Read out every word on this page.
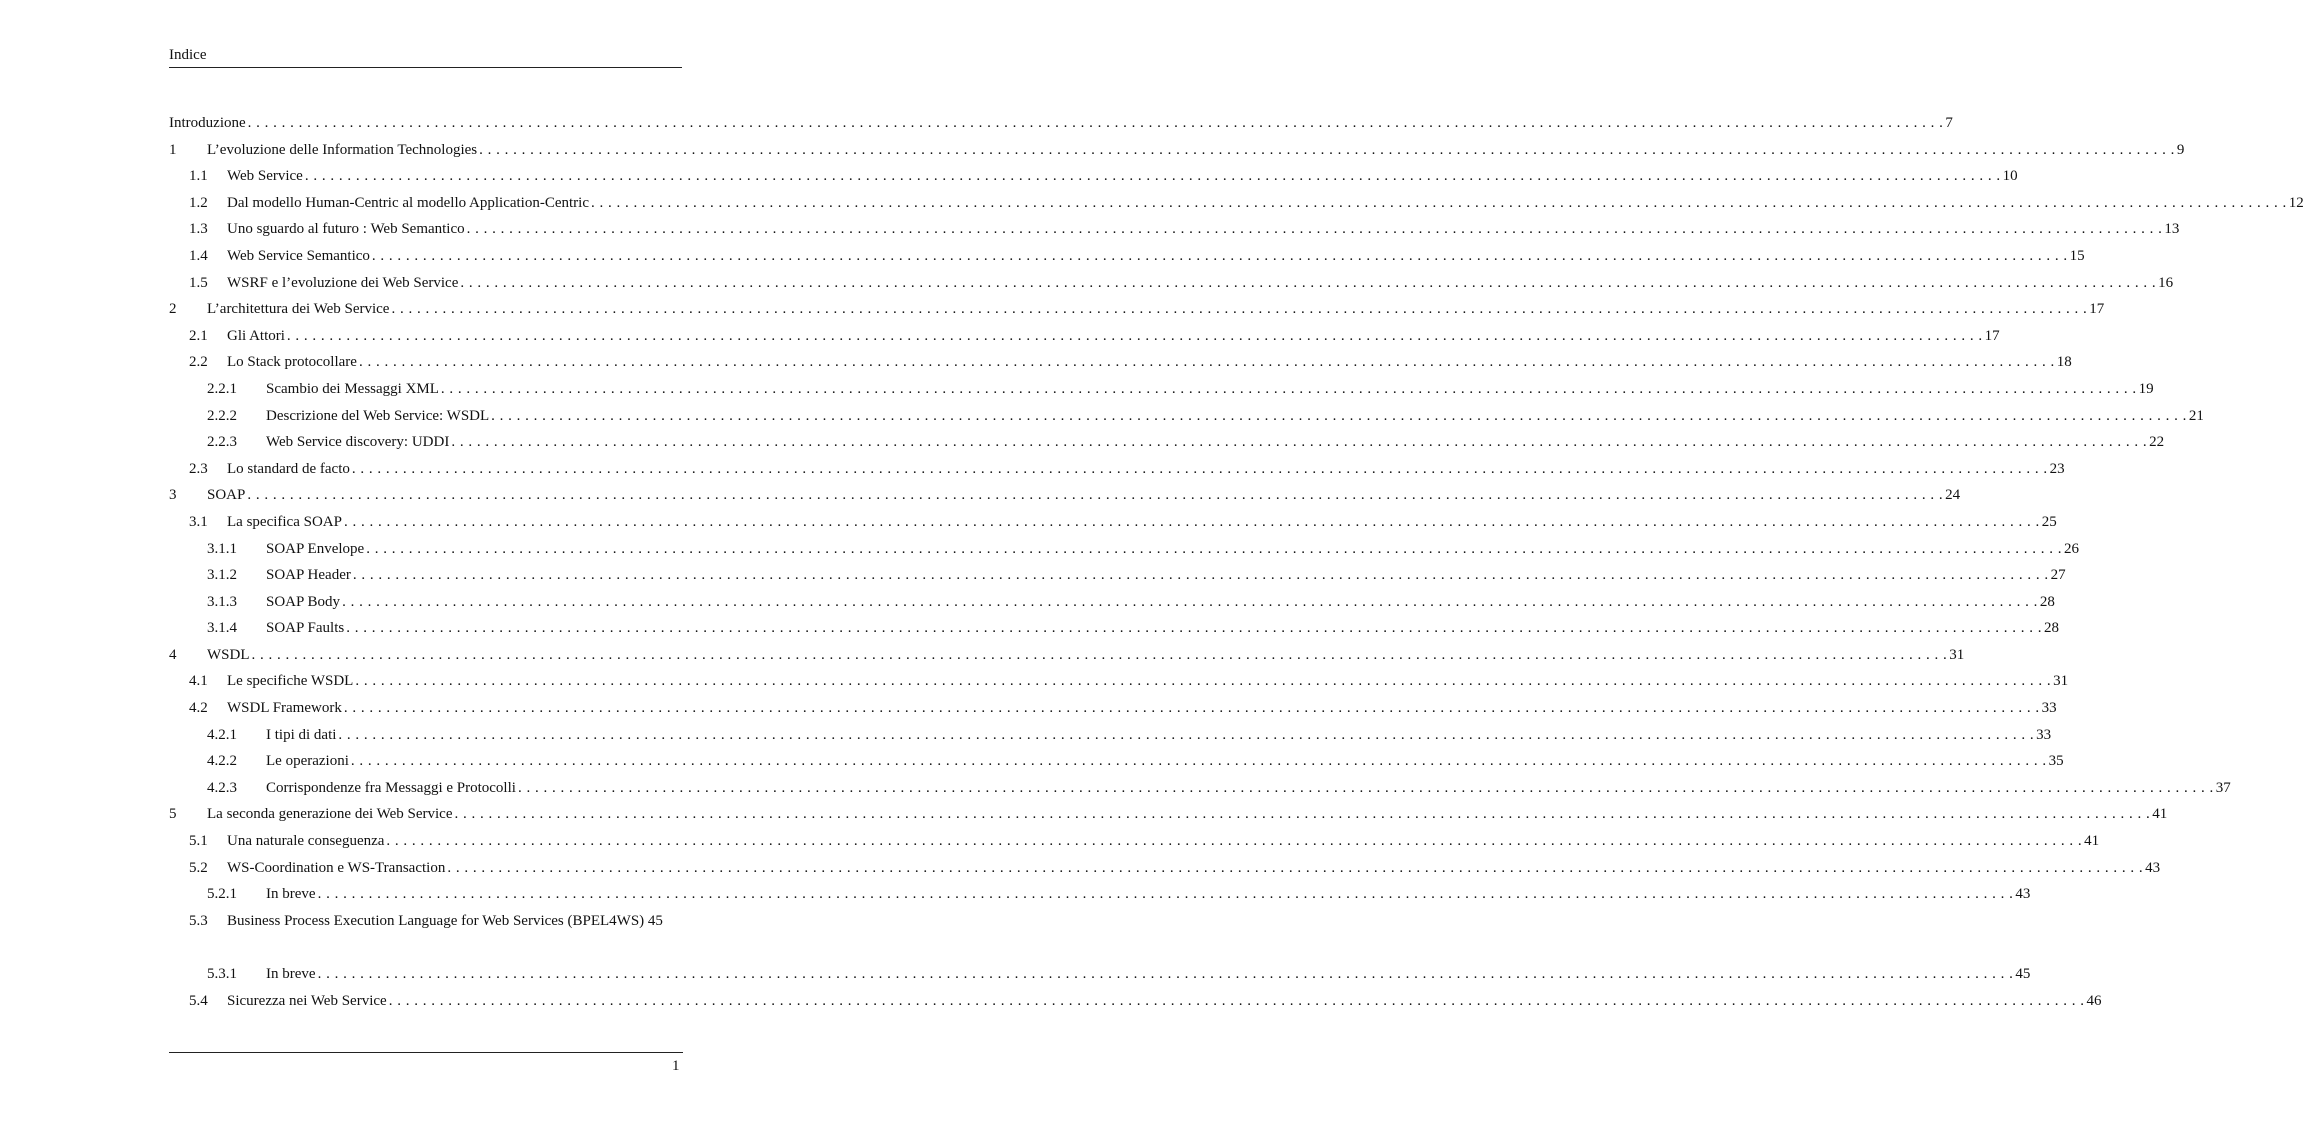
Indice
Introduzione . . . . . . . . . . . . . . . . . . . . . . . . . . . . . . . . . . . . . . . . . . . . . . . . . . . . . . . . . . . . . . . . . . . . . . . . . . . . . . . . . . . . . . . . . . . . . . . . . . . . . . . . . . . . . . . . . . . . . . . . . . . . . . . . . . . . . . . . . . . . . . . . . . . . . . . . . . . . . . . . . . . . . . . . . . . . . . . . . . . . . . . . . . . . . . . . . . . . . . . . 7
1 L’evoluzione delle Information Technologies . . . . . . . . . . . . . . . . . . . . . . . . . . . . . . . . . . . . . . . . . . . . . . . . . . . . . . . . . . . . . . . . . . . . . . . . . . . . . . . . . . . . . . . . . . . . . . . . . . . . . . . . . . . . . . . . . . . . . . . . . . . . . . . . . . . . . . . . . . . . . . . . . . . . . . . . . . . . . . . . . . . . . . . . . . . . . . . . . . . . . . . . . . . . . . . . . . . . . . . . 9
1.1 Web Service . . . . . . . . . . . . . . . . . . . . . . . . . . . . . . . . . . . . . . . . . . . . . . . . . . . . . . . . . . . . . . . . . . . . . . . . . . . . . . . . . . . . . . . . . . . . . . . . . . . . . . . . . . . . . . . . . . . . . . . . . . . . . . . . . . . . . . . . . . . . . . . . . . . . . . . . . . . . . . . . . . . . . . . . . . . . . . . . . . . . . . . . . . . . . . . . . . . . . . . . 10
1.2 Dal modello Human-Centric al modello Application-Centric . . . . . . . . . . . . . . . . . . . . . . . . . . . . . . . . . . . . . . . . . . . . . . . . . . . . . . . . . . . . . . . . . . . . . . . . . . . . . . . . . . . . . . . . . . . . . . . . . . . . . . . . . . . . . . . . . . . . . . . . . . . . . . . . . . . . . . . . . . . . . . . . . . . . . . . . . . . . . . . . . . . . . . . . . . . . . . . . . . . . . . . . . . . . . . . . . . . . . . . . 12
1.3 Uno sguardo al futuro : Web Semantico . . . . . . . . . . . . . . . . . . . . . . . . . . . . . . . . . . . . . . . . . . . . . . . . . . . . . . . . . . . . . . . . . . . . . . . . . . . . . . . . . . . . . . . . . . . . . . . . . . . . . . . . . . . . . . . . . . . . . . . . . . . . . . . . . . . . . . . . . . . . . . . . . . . . . . . . . . . . . . . . . . . . . . . . . . . . . . . . . . . . . . . . . . . . . . . . . . . . . . . . 13
1.4 Web Service Semantico . . . . . . . . . . . . . . . . . . . . . . . . . . . . . . . . . . . . . . . . . . . . . . . . . . . . . . . . . . . . . . . . . . . . . . . . . . . . . . . . . . . . . . . . . . . . . . . . . . . . . . . . . . . . . . . . . . . . . . . . . . . . . . . . . . . . . . . . . . . . . . . . . . . . . . . . . . . . . . . . . . . . . . . . . . . . . . . . . . . . . . . . . . . . . . . . . . . . . . . . 15
1.5 WSRF e l’evoluzione dei Web Service . . . . . . . . . . . . . . . . . . . . . . . . . . . . . . . . . . . . . . . . . . . . . . . . . . . . . . . . . . . . . . . . . . . . . . . . . . . . . . . . . . . . . . . . . . . . . . . . . . . . . . . . . . . . . . . . . . . . . . . . . . . . . . . . . . . . . . . . . . . . . . . . . . . . . . . . . . . . . . . . . . . . . . . . . . . . . . . . . . . . . . . . . . . . . . . . . . . . . . . . 16
2 L’architettura dei Web Service . . . . . . . . . . . . . . . . . . . . . . . . . . . . . . . . . . . . . . . . . . . . . . . . . . . . . . . . . . . . . . . . . . . . . . . . . . . . . . . . . . . . . . . . . . . . . . . . . . . . . . . . . . . . . . . . . . . . . . . . . . . . . . . . . . . . . . . . . . . . . . . . . . . . . . . . . . . . . . . . . . . . . . . . . . . . . . . . . . . . . . . . . . . . . . . . . . . . . . . . 17
2.1 Gli Attori . . . . . . . . . . . . . . . . . . . . . . . . . . . . . . . . . . . . . . . . . . . . . . . . . . . . . . . . . . . . . . . . . . . . . . . . . . . . . . . . . . . . . . . . . . . . . . . . . . . . . . . . . . . . . . . . . . . . . . . . . . . . . . . . . . . . . . . . . . . . . . . . . . . . . . . . . . . . . . . . . . . . . . . . . . . . . . . . . . . . . . . . . . . . . . . . . . . . . . . . 17
2.2 Lo Stack protocollare . . . . . . . . . . . . . . . . . . . . . . . . . . . . . . . . . . . . . . . . . . . . . . . . . . . . . . . . . . . . . . . . . . . . . . . . . . . . . . . . . . . . . . . . . . . . . . . . . . . . . . . . . . . . . . . . . . . . . . . . . . . . . . . . . . . . . . . . . . . . . . . . . . . . . . . . . . . . . . . . . . . . . . . . . . . . . . . . . . . . . . . . . . . . . . . . . . . . . . . . 18
2.2.1 Scambio dei Messaggi XML . . . . . . . . . . . . . . . . . . . . . . . . . . . . . . . . . . . . . . . . . . . . . . . . . . . . . . . . . . . . . . . . . . . . . . . . . . . . . . . . . . . . . . . . . . . . . . . . . . . . . . . . . . . . . . . . . . . . . . . . . . . . . . . . . . . . . . . . . . . . . . . . . . . . . . . . . . . . . . . . . . . . . . . . . . . . . . . . . . . . . . . . . . . . . . . . . . . . . . . . 19
2.2.2 Descrizione del Web Service: WSDL . . . . . . . . . . . . . . . . . . . . . . . . . . . . . . . . . . . . . . . . . . . . . . . . . . . . . . . . . . . . . . . . . . . . . . . . . . . . . . . . . . . . . . . . . . . . . . . . . . . . . . . . . . . . . . . . . . . . . . . . . . . . . . . . . . . . . . . . . . . . . . . . . . . . . . . . . . . . . . . . . . . . . . . . . . . . . . . . . . . . . . . . . . . . . . . . . . . . . . . . 21
2.2.3 Web Service discovery: UDDI . . . . . . . . . . . . . . . . . . . . . . . . . . . . . . . . . . . . . . . . . . . . . . . . . . . . . . . . . . . . . . . . . . . . . . . . . . . . . . . . . . . . . . . . . . . . . . . . . . . . . . . . . . . . . . . . . . . . . . . . . . . . . . . . . . . . . . . . . . . . . . . . . . . . . . . . . . . . . . . . . . . . . . . . . . . . . . . . . . . . . . . . . . . . . . . . . . . . . . . . 22
2.3 Lo standard de facto . . . . . . . . . . . . . . . . . . . . . . . . . . . . . . . . . . . . . . . . . . . . . . . . . . . . . . . . . . . . . . . . . . . . . . . . . . . . . . . . . . . . . . . . . . . . . . . . . . . . . . . . . . . . . . . . . . . . . . . . . . . . . . . . . . . . . . . . . . . . . . . . . . . . . . . . . . . . . . . . . . . . . . . . . . . . . . . . . . . . . . . . . . . . . . . . . . . . . . . . 23
3 SOAP . . . . . . . . . . . . . . . . . . . . . . . . . . . . . . . . . . . . . . . . . . . . . . . . . . . . . . . . . . . . . . . . . . . . . . . . . . . . . . . . . . . . . . . . . . . . . . . . . . . . . . . . . . . . . . . . . . . . . . . . . . . . . . . . . . . . . . . . . . . . . . . . . . . . . . . . . . . . . . . . . . . . . . . . . . . . . . . . . . . . . . . . . . . . . . . . . . . . . . . . 24
3.1 La specifica SOAP . . . . . . . . . . . . . . . . . . . . . . . . . . . . . . . . . . . . . . . . . . . . . . . . . . . . . . . . . . . . . . . . . . . . . . . . . . . . . . . . . . . . . . . . . . . . . . . . . . . . . . . . . . . . . . . . . . . . . . . . . . . . . . . . . . . . . . . . . . . . . . . . . . . . . . . . . . . . . . . . . . . . . . . . . . . . . . . . . . . . . . . . . . . . . . . . . . . . . . . . 25
3.1.1 SOAP Envelope . . . . . . . . . . . . . . . . . . . . . . . . . . . . . . . . . . . . . . . . . . . . . . . . . . . . . . . . . . . . . . . . . . . . . . . . . . . . . . . . . . . . . . . . . . . . . . . . . . . . . . . . . . . . . . . . . . . . . . . . . . . . . . . . . . . . . . . . . . . . . . . . . . . . . . . . . . . . . . . . . . . . . . . . . . . . . . . . . . . . . . . . . . . . . . . . . . . . . . . . 26
3.1.2 SOAP Header . . . . . . . . . . . . . . . . . . . . . . . . . . . . . . . . . . . . . . . . . . . . . . . . . . . . . . . . . . . . . . . . . . . . . . . . . . . . . . . . . . . . . . . . . . . . . . . . . . . . . . . . . . . . . . . . . . . . . . . . . . . . . . . . . . . . . . . . . . . . . . . . . . . . . . . . . . . . . . . . . . . . . . . . . . . . . . . . . . . . . . . . . . . . . . . . . . . . . . . . 27
3.1.3 SOAP Body . . . . . . . . . . . . . . . . . . . . . . . . . . . . . . . . . . . . . . . . . . . . . . . . . . . . . . . . . . . . . . . . . . . . . . . . . . . . . . . . . . . . . . . . . . . . . . . . . . . . . . . . . . . . . . . . . . . . . . . . . . . . . . . . . . . . . . . . . . . . . . . . . . . . . . . . . . . . . . . . . . . . . . . . . . . . . . . . . . . . . . . . . . . . . . . . . . . . . . . . 28
3.1.4 SOAP Faults . . . . . . . . . . . . . . . . . . . . . . . . . . . . . . . . . . . . . . . . . . . . . . . . . . . . . . . . . . . . . . . . . . . . . . . . . . . . . . . . . . . . . . . . . . . . . . . . . . . . . . . . . . . . . . . . . . . . . . . . . . . . . . . . . . . . . . . . . . . . . . . . . . . . . . . . . . . . . . . . . . . . . . . . . . . . . . . . . . . . . . . . . . . . . . . . . . . . . . . . 28
4 WSDL . . . . . . . . . . . . . . . . . . . . . . . . . . . . . . . . . . . . . . . . . . . . . . . . . . . . . . . . . . . . . . . . . . . . . . . . . . . . . . . . . . . . . . . . . . . . . . . . . . . . . . . . . . . . . . . . . . . . . . . . . . . . . . . . . . . . . . . . . . . . . . . . . . . . . . . . . . . . . . . . . . . . . . . . . . . . . . . . . . . . . . . . . . . . . . . . . . . . . . . . 31
4.1 Le specifiche WSDL . . . . . . . . . . . . . . . . . . . . . . . . . . . . . . . . . . . . . . . . . . . . . . . . . . . . . . . . . . . . . . . . . . . . . . . . . . . . . . . . . . . . . . . . . . . . . . . . . . . . . . . . . . . . . . . . . . . . . . . . . . . . . . . . . . . . . . . . . . . . . . . . . . . . . . . . . . . . . . . . . . . . . . . . . . . . . . . . . . . . . . . . . . . . . . . . . . . . . . . . 31
4.2 WSDL Framework . . . . . . . . . . . . . . . . . . . . . . . . . . . . . . . . . . . . . . . . . . . . . . . . . . . . . . . . . . . . . . . . . . . . . . . . . . . . . . . . . . . . . . . . . . . . . . . . . . . . . . . . . . . . . . . . . . . . . . . . . . . . . . . . . . . . . . . . . . . . . . . . . . . . . . . . . . . . . . . . . . . . . . . . . . . . . . . . . . . . . . . . . . . . . . . . . . . . . . . . 33
4.2.1 I tipi di dati . . . . . . . . . . . . . . . . . . . . . . . . . . . . . . . . . . . . . . . . . . . . . . . . . . . . . . . . . . . . . . . . . . . . . . . . . . . . . . . . . . . . . . . . . . . . . . . . . . . . . . . . . . . . . . . . . . . . . . . . . . . . . . . . . . . . . . . . . . . . . . . . . . . . . . . . . . . . . . . . . . . . . . . . . . . . . . . . . . . . . . . . . . . . . . . . . . . . . . . . 33
4.2.2 Le operazioni . . . . . . . . . . . . . . . . . . . . . . . . . . . . . . . . . . . . . . . . . . . . . . . . . . . . . . . . . . . . . . . . . . . . . . . . . . . . . . . . . . . . . . . . . . . . . . . . . . . . . . . . . . . . . . . . . . . . . . . . . . . . . . . . . . . . . . . . . . . . . . . . . . . . . . . . . . . . . . . . . . . . . . . . . . . . . . . . . . . . . . . . . . . . . . . . . . . . . . . . 35
4.2.3 Corrispondenze fra Messaggi e Protocolli . . . . . . . . . . . . . . . . . . . . . . . . . . . . . . . . . . . . . . . . . . . . . . . . . . . . . . . . . . . . . . . . . . . . . . . . . . . . . . . . . . . . . . . . . . . . . . . . . . . . . . . . . . . . . . . . . . . . . . . . . . . . . . . . . . . . . . . . . . . . . . . . . . . . . . . . . . . . . . . . . . . . . . . . . . . . . . . . . . . . . . . . . . . . . . . . . . . . . . . . 37
5 La seconda generazione dei Web Service . . . . . . . . . . . . . . . . . . . . . . . . . . . . . . . . . . . . . . . . . . . . . . . . . . . . . . . . . . . . . . . . . . . . . . . . . . . . . . . . . . . . . . . . . . . . . . . . . . . . . . . . . . . . . . . . . . . . . . . . . . . . . . . . . . . . . . . . . . . . . . . . . . . . . . . . . . . . . . . . . . . . . . . . . . . . . . . . . . . . . . . . . . . . . . . . . . . . . . . . 41
5.1 Una naturale conseguenza . . . . . . . . . . . . . . . . . . . . . . . . . . . . . . . . . . . . . . . . . . . . . . . . . . . . . . . . . . . . . . . . . . . . . . . . . . . . . . . . . . . . . . . . . . . . . . . . . . . . . . . . . . . . . . . . . . . . . . . . . . . . . . . . . . . . . . . . . . . . . . . . . . . . . . . . . . . . . . . . . . . . . . . . . . . . . . . . . . . . . . . . . . . . . . . . . . . . . . . . 41
5.2 WS-Coordination e WS-Transaction . . . . . . . . . . . . . . . . . . . . . . . . . . . . . . . . . . . . . . . . . . . . . . . . . . . . . . . . . . . . . . . . . . . . . . . . . . . . . . . . . . . . . . . . . . . . . . . . . . . . . . . . . . . . . . . . . . . . . . . . . . . . . . . . . . . . . . . . . . . . . . . . . . . . . . . . . . . . . . . . . . . . . . . . . . . . . . . . . . . . . . . . . . . . . . . . . . . . . . . . 43
5.2.1 In breve . . . . . . . . . . . . . . . . . . . . . . . . . . . . . . . . . . . . . . . . . . . . . . . . . . . . . . . . . . . . . . . . . . . . . . . . . . . . . . . . . . . . . . . . . . . . . . . . . . . . . . . . . . . . . . . . . . . . . . . . . . . . . . . . . . . . . . . . . . . . . . . . . . . . . . . . . . . . . . . . . . . . . . . . . . . . . . . . . . . . . . . . . . . . . . . . . . . . . . . . 43
5.3 Business Process Execution Language for Web Services (BPEL4WS) 45
5.3.1 In breve . . . . . . . . . . . . . . . . . . . . . . . . . . . . . . . . . . . . . . . . . . . . . . . . . . . . . . . . . . . . . . . . . . . . . . . . . . . . . . . . . . . . . . . . . . . . . . . . . . . . . . . . . . . . . . . . . . . . . . . . . . . . . . . . . . . . . . . . . . . . . . . . . . . . . . . . . . . . . . . . . . . . . . . . . . . . . . . . . . . . . . . . . . . . . . . . . . . . . . . . 45
5.4 Sicurezza nei Web Service . . . . . . . . . . . . . . . . . . . . . . . . . . . . . . . . . . . . . . . . . . . . . . . . . . . . . . . . . . . . . . . . . . . . . . . . . . . . . . . . . . . . . . . . . . . . . . . . . . . . . . . . . . . . . . . . . . . . . . . . . . . . . . . . . . . . . . . . . . . . . . . . . . . . . . . . . . . . . . . . . . . . . . . . . . . . . . . . . . . . . . . . . . . . . . . . . . . . . . . . 46
1
